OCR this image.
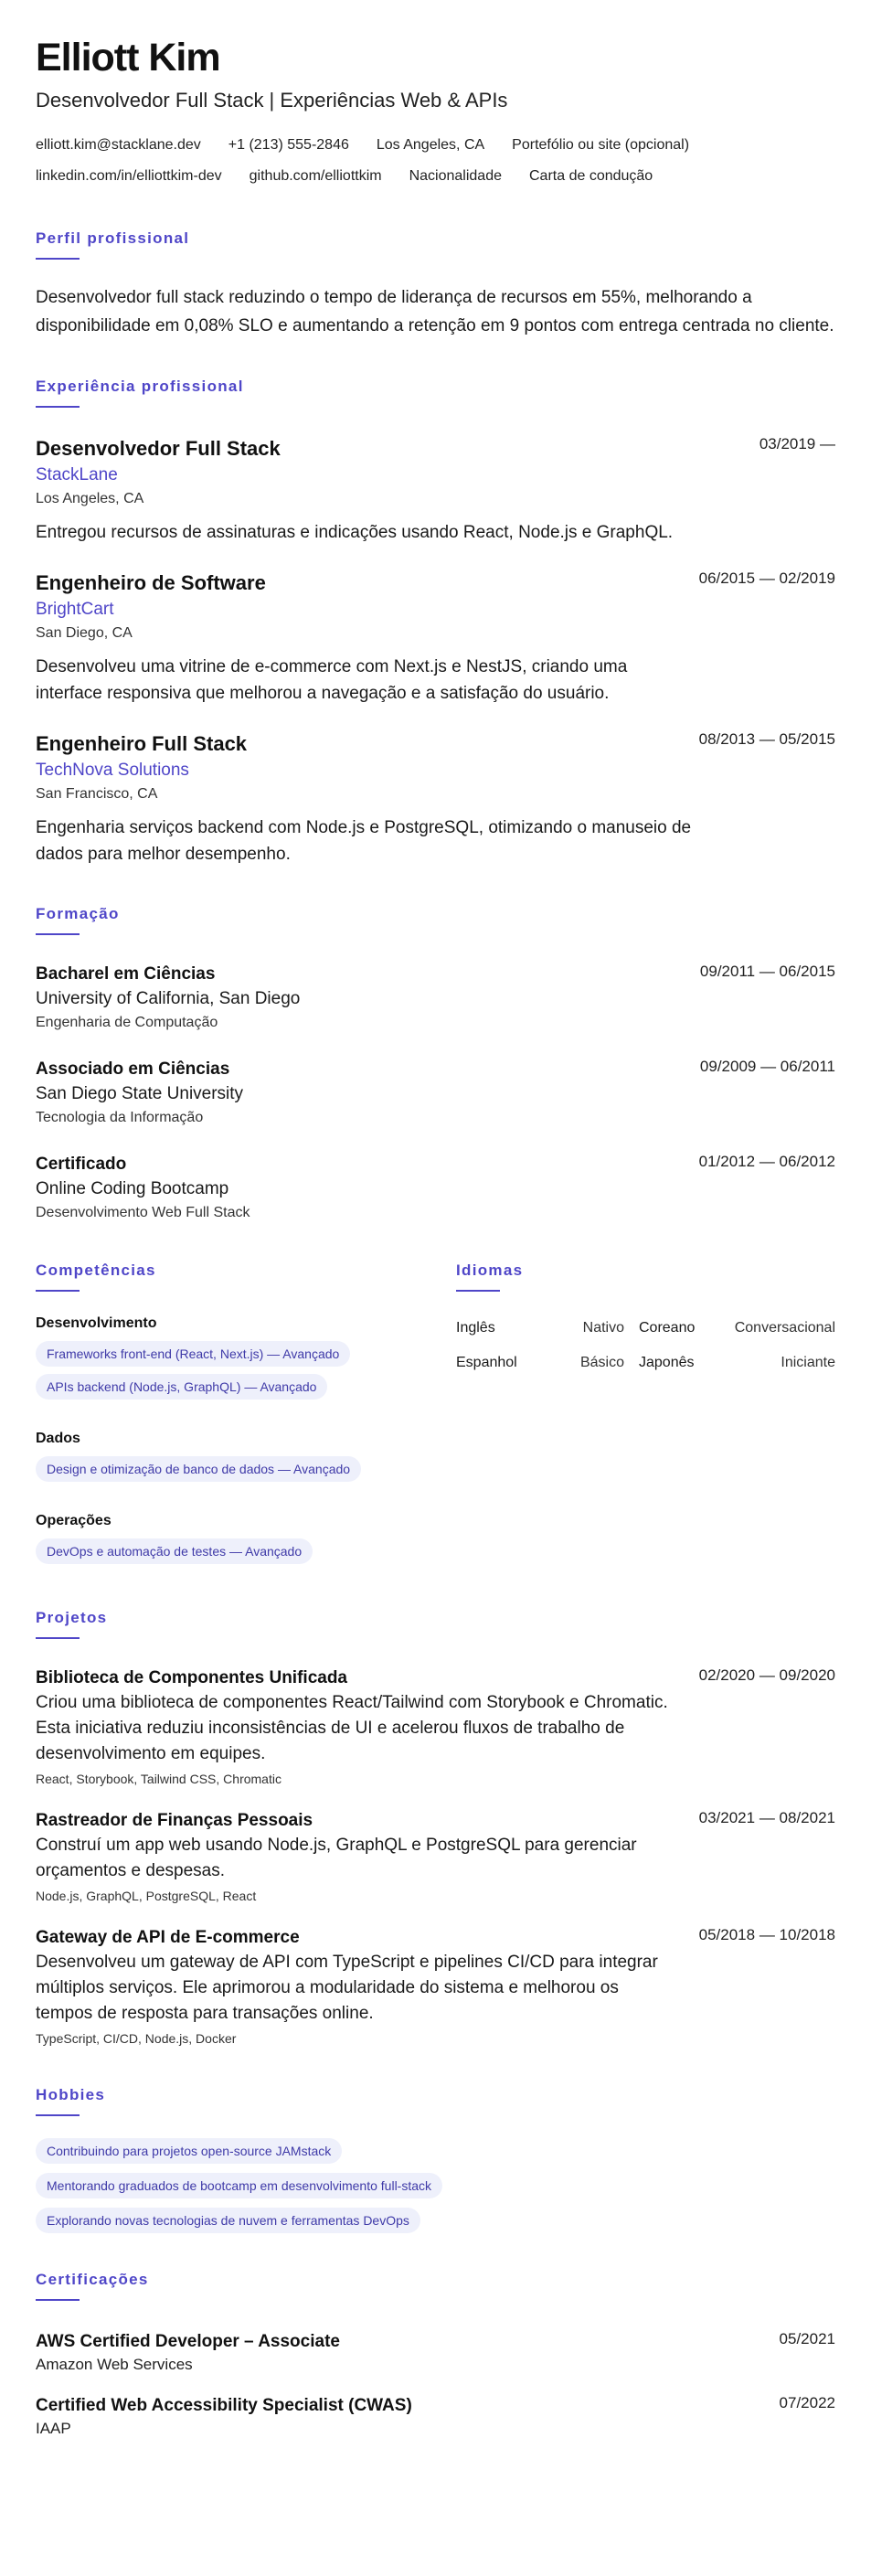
Elliott Kim
Desenvolvedor Full Stack | Experiências Web & APIs
elliott.kim@stacklane.dev +1 (213) 555-2846 Los Angeles, CA Portefólio ou site (opcional)
linkedin.com/in/elliottkim-dev github.com/elliottkim Nacionalidade Carta de condução
Perfil profissional

Desenvolvedor full stack reduzindo o tempo de liderança de recursos em 55%, melhorando a disponibilidade em 0,08% SLO e aumentando a retenção em 9 pontos com entrega centrada no cliente.

Experiência profissional
03/2019 —
Desenvolvedor Full Stack
StackLane
Los Angeles, CA

Entregou recursos de assinaturas e indicações usando React, Node.js e GraphQL.

06/2015 — 02/2019
Engenheiro de Software
BrightCart
San Diego, CA

Desenvolveu uma vitrine de e-commerce com Next.js e NestJS, criando uma interface responsiva que melhorou a navegação e a satisfação do usuário.

08/2013 — 05/2015
Engenheiro Full Stack
TechNova Solutions
San Francisco, CA

Engenharia serviços backend com Node.js e PostgreSQL, otimizando o manuseio de dados para melhor desempenho.

Formação
09/2011 — 06/2015
Bacharel em Ciências
University of California, San Diego
Engenharia de Computação
09/2009 — 06/2011
Associado em Ciências
San Diego State University
Tecnologia da Informação
01/2012 — 06/2012
Certificado
Online Coding Bootcamp
Desenvolvimento Web Full Stack
Competências
Desenvolvimento
Frameworks front-end (React, Next.js) — Avançado
APIs backend (Node.js, GraphQL) — Avançado
Dados
Design e otimização de banco de dados — Avançado
Operações
DevOps e automação de testes — Avançado
Idiomas
Inglês	Nativo	Coreano	Conversacional
Espanhol	Básico	Japonês	Iniciante
Projetos
02/2020 — 09/2020
Biblioteca de Componentes Unificada

Criou uma biblioteca de componentes React/Tailwind com Storybook e Chromatic. Esta iniciativa reduziu inconsistências de UI e acelerou fluxos de trabalho de desenvolvimento em equipes.

React, Storybook, Tailwind CSS, Chromatic
03/2021 — 08/2021
Rastreador de Finanças Pessoais

Construí um app web usando Node.js, GraphQL e PostgreSQL para gerenciar orçamentos e despesas.

Node.js, GraphQL, PostgreSQL, React
05/2018 — 10/2018
Gateway de API de E-commerce

Desenvolveu um gateway de API com TypeScript e pipelines CI/CD para integrar múltiplos serviços. Ele aprimorou a modularidade do sistema e melhorou os tempos de resposta para transações online.

TypeScript, CI/CD, Node.js, Docker
Hobbies
Contribuindo para projetos open-source JAMstack
Mentorando graduados de bootcamp em desenvolvimento full-stack
Explorando novas tecnologias de nuvem e ferramentas DevOps
Certificações
05/2021
AWS Certified Developer – Associate
Amazon Web Services
07/2022
Certified Web Accessibility Specialist (CWAS)
IAAP
